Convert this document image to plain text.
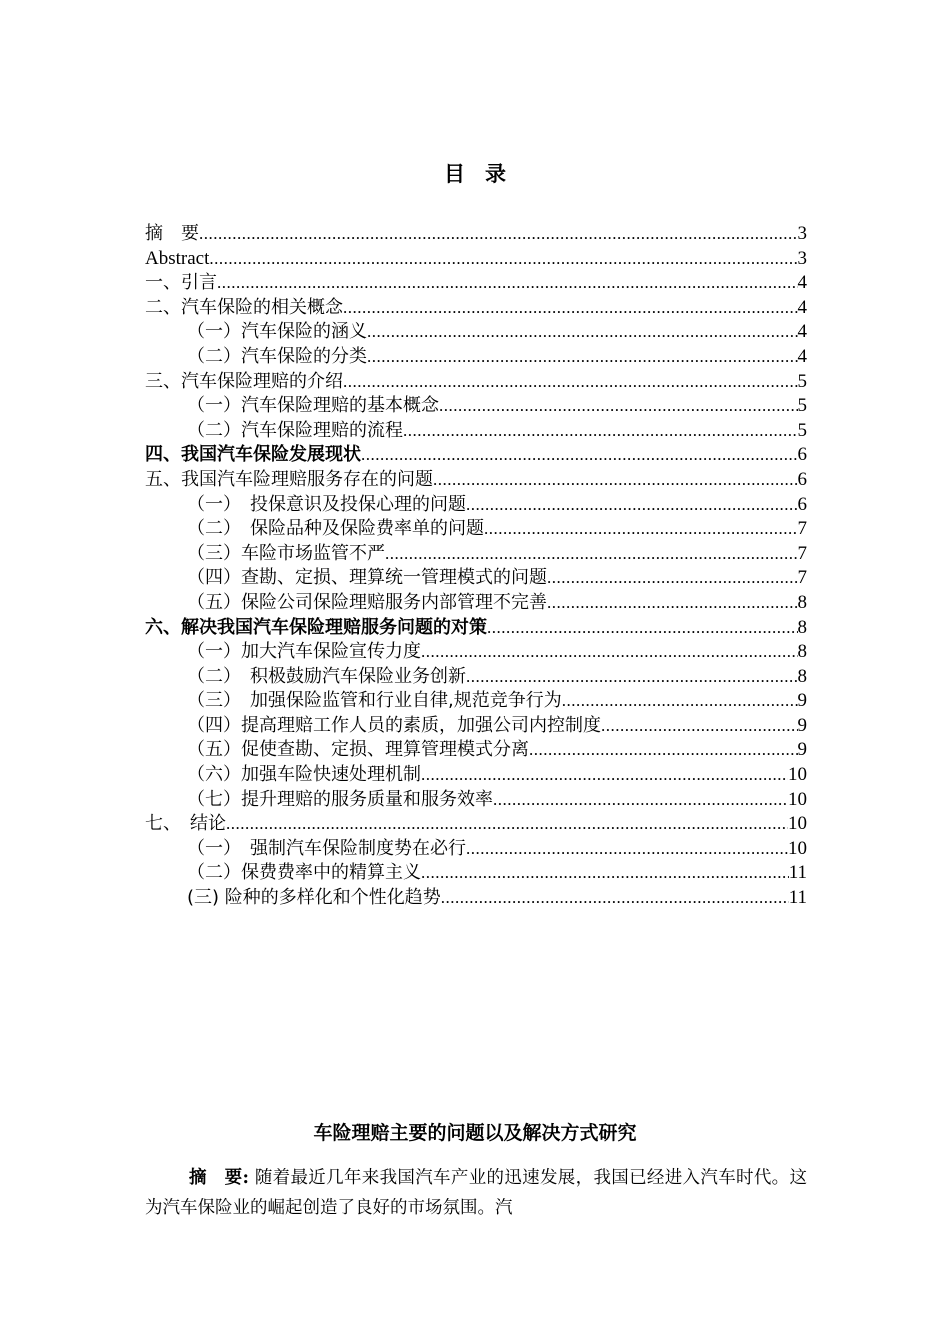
目 录
摘　要 .....	3
Abstract .....	3
一、引言 .....	4
二、汽车保险的相关概念 .....	4
（一）汽车保险的涵义 .....	4
（二）汽车保险的分类 .....	4
三、汽车保险理赔的介绍 .....	5
（一）汽车保险理赔的基本概念 .....	5
（二）汽车保险理赔的流程 .....	5
四、我国汽车保险发展现状 .....	6
五、我国汽车险理赔服务存在的问题 .....	6
（一）　投保意识及投保心理的问题 .....	6
（二）　保险品种及保险费率单的问题 .....	7
（三）车险市场监管不严 .....	7
（四）查勘、定损、理算统一管理模式的问题 .....	7
（五）保险公司保险理赔服务内部管理不完善 .....	8
六、解决我国汽车保险理赔服务问题的对策 .....	8
（一）加大汽车保险宣传力度 .....	8
（二）　积极鼓励汽车保险业务创新 .....	8
（三）　加强保险监管和行业自律,规范竞争行为 .....	9
（四）提高理赔工作人员的素质，加强公司内控制度 .....	9
（五）促使查勘、定损、理算管理模式分离 .....	9
（六）加强车险快速处理机制 .....	10
（七）提升理赔的服务质量和服务效率 .....	10
七、　结论 .....	10
（一）　强制汽车保险制度势在必行 .....	10
（二）保费费率中的精算主义 .....	11
(三) 险种的多样化和个性化趋势 .....	11
车险理赔主要的问题以及解决方式研究
摘　要: 随着最近几年来我国汽车产业的迅速发展，我国已经进入汽车时代。这为汽车保险业的崛起创造了良好的市场氛围。汽
